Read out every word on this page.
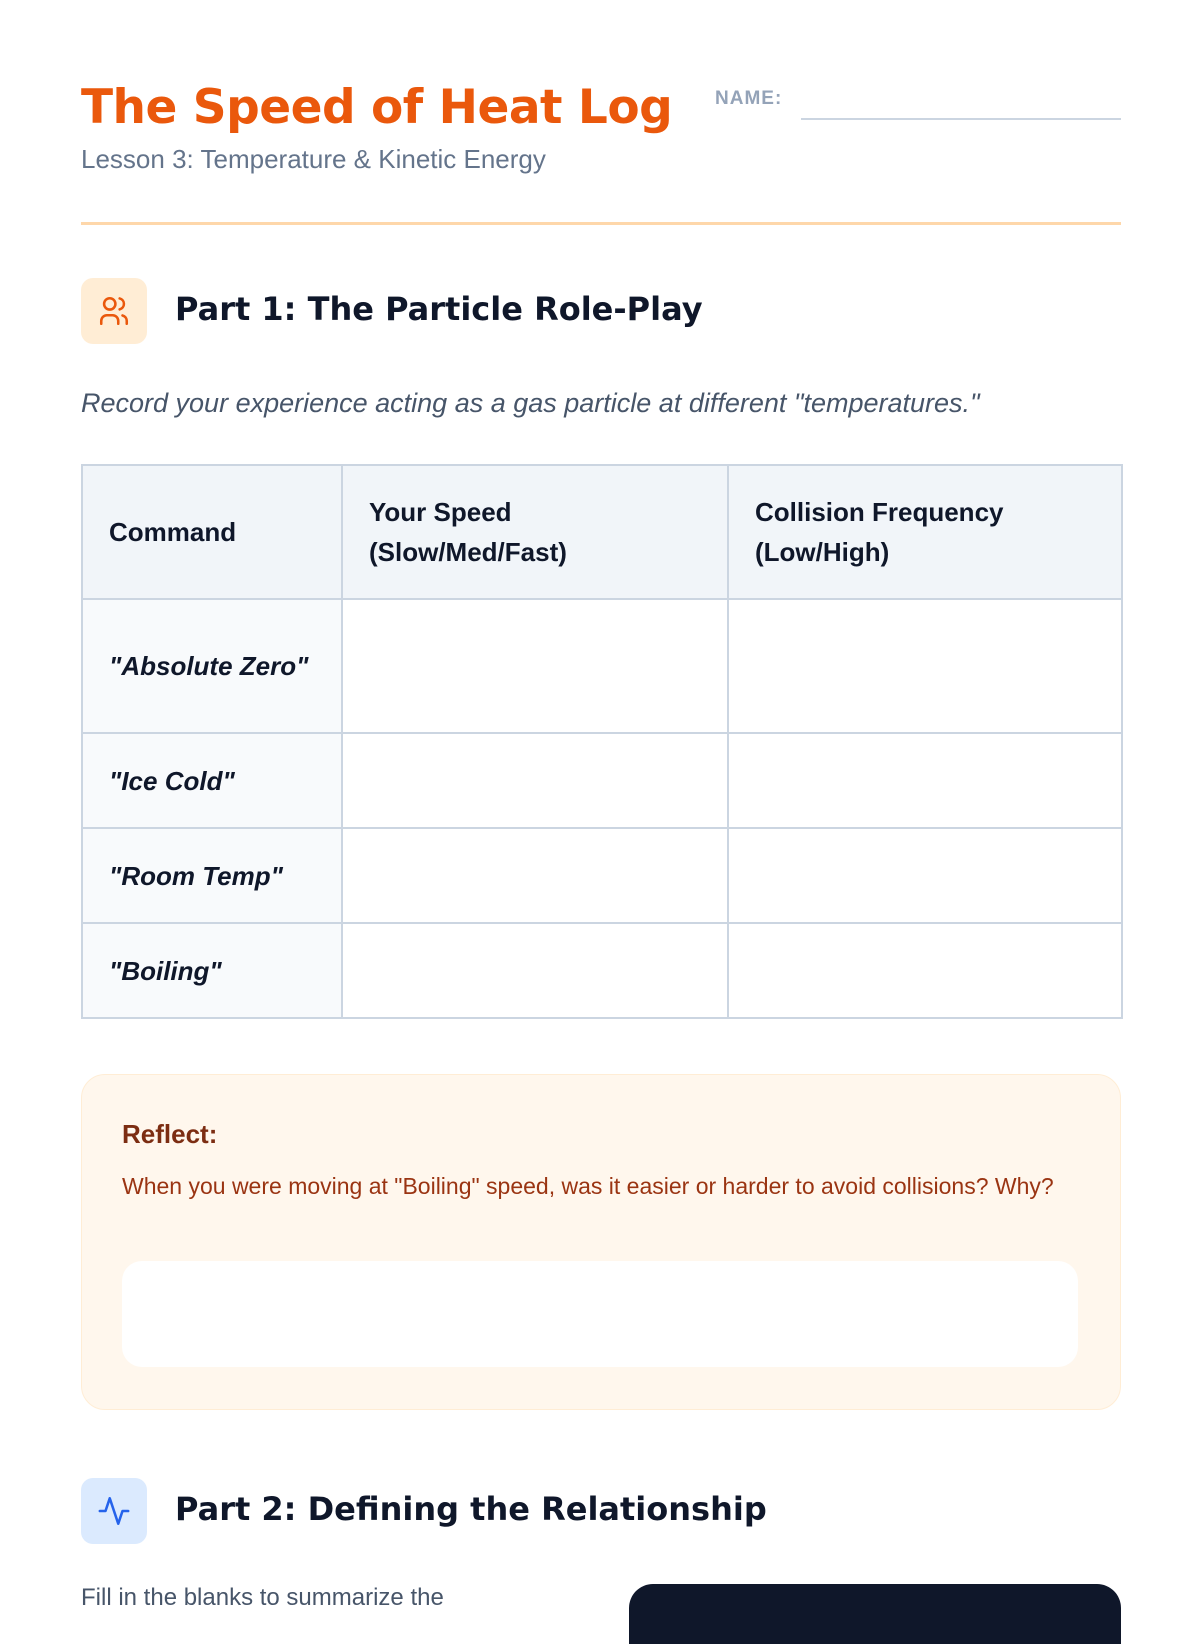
The Speed of Heat Log
Lesson 3: Temperature & Kinetic Energy
NAME:
Part 1: The Particle Role-Play
Record your experience acting as a gas particle at different "temperatures."
Command	Your Speed (Slow/Med/Fast)	Collision Frequency (Low/High)
"Absolute Zero"		
"Ice Cold"		
"Room Temp"		
"Boiling"		
Reflect:
When you were moving at "Boiling" speed, was it easier or harder to avoid collisions? Why?
Part 2: Defining the Relationship
Fill in the blanks to summarize the
